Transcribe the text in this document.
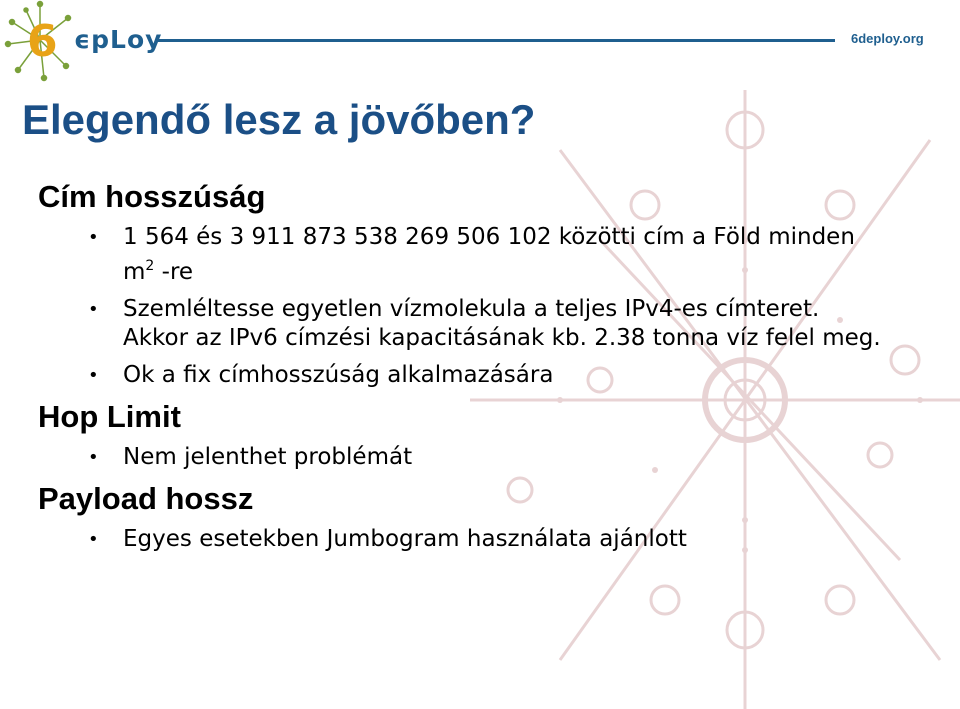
6 ϵpLoy	6deploy.org
Elegendő lesz a jövőben?
Cím hosszúság
• 1 564 és 3 911 873 538 269 506 102 közötti cím a Föld minden $m^2$ -re
• Szemléltesse egyetlen vízmolekula a teljes IPv4-es címteret. Akkor az IPv6 címzési kapacitásának kb. 2.38 tonna víz felel meg.
• Ok a fix címhosszúság alkalmazására
Hop Limit
• Nem jelenthet problémát
Payload hossz
• Egyes esetekben Jumbogram használata ajánlott
